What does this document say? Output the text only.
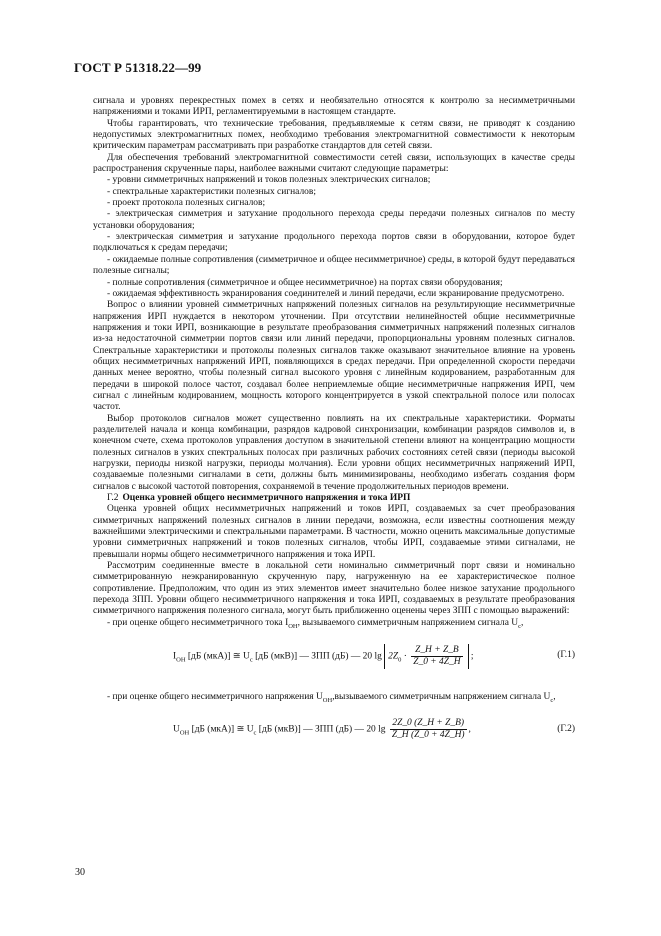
ГОСТ Р 51318.22—99

сигнала и уровнях перекрестных помех в сетях и необязательно относятся к контролю за несимметричными напряжениями и токами ИРП, регламентируемыми в настоящем стандарте.

Чтобы гарантировать, что технические требования, предъявляемые к сетям связи, не приводят к созданию недопустимых электромагнитных помех, необходимо требования электромагнитной совместимости к некоторым критическим параметрам рассматривать при разработке стандартов для сетей связи.

Для обеспечения требований электромагнитной совместимости сетей связи, использующих в качестве среды распространения скрученные пары, наиболее важными считают следующие параметры:

- уровни симметричных напряжений и токов полезных электрических сигналов;

- спектральные характеристики полезных сигналов;

- проект протокола полезных сигналов;

- электрическая симметрия и затухание продольного перехода среды передачи полезных сигналов по месту установки оборудования;

- электрическая симметрия и затухание продольного перехода портов связи в оборудовании, которое будет подключаться к средам передачи;

- ожидаемые полные сопротивления (симметричное и общее несимметричное) среды, в которой будут передаваться полезные сигналы;

- полные сопротивления (симметричное и общее несимметричное) на портах связи оборудования;

- ожидаемая эффективность экранирования соединителей и линий передачи, если экранирование предусмотрено.

Вопрос о влиянии уровней симметричных напряжений полезных сигналов на результирующие несимметричные напряжения ИРП нуждается в некотором уточнении. При отсутствии нелинейностей общие несимметричные напряжения и токи ИРП, возникающие в результате преобразования симметричных напряжений полезных сигналов из-за недостаточной симметрии портов связи или линий передачи, пропорциональны уровням полезных сигналов. Спектральные характеристики и протоколы полезных сигналов также оказывают значительное влияние на уровень общих несимметричных напряжений ИРП, появляющихся в средах передачи. При определенной скорости передачи данных менее вероятно, чтобы полезный сигнал высокого уровня с линейным кодированием, разработанным для передачи в широкой полосе частот, создавал более неприемлемые общие несимметричные напряжения ИРП, чем сигнал с линейным кодированием, мощность которого концентрируется в узкой спектральной полосе или полосах частот.

Выбор протоколов сигналов может существенно повлиять на их спектральные характеристики. Форматы разделителей начала и конца комбинации, разрядов кадровой синхронизации, комбинации разрядов символов и, в конечном счете, схема протоколов управления доступом в значительной степени влияют на концентрацию мощности полезных сигналов в узких спектральных полосах при различных рабочих состояниях сетей связи (периоды высокой нагрузки, периоды низкой нагрузки, периоды молчания). Если уровни общих несимметричных напряжений ИРП, создаваемые полезными сигналами в сети, должны быть минимизированы, необходимо избегать создания форм сигналов с высокой частотой повторения, сохраняемой в течение продолжительных периодов времени.

Г.2 Оценка уровней общего несимметричного напряжения и тока ИРП

Оценка уровней общих несимметричных напряжений и токов ИРП, создаваемых за счет преобразования симметричных напряжений полезных сигналов в линии передачи, возможна, если известны соотношения между важнейшими электрическими и спектральными параметрами. В частности, можно оценить максимальные допустимые уровни симметричных напряжений и токов полезных сигналов, чтобы ИРП, создаваемые этими сигналами, не превышали нормы общего несимметричного напряжения и тока ИРП.

Рассмотрим соединенные вместе в локальной сети номинально симметричный порт связи и номинально симметрированную неэкранированную скрученную пару, нагруженную на ее характеристическое полное сопротивление. Предположим, что один из этих элементов имеет значительно более низкое затухание продольного перехода ЗПП. Уровни общего несимметричного напряжения и тока ИРП, создаваемых в результате преобразования симметричного напряжения полезного сигнала, могут быть приближенно оценены через ЗПП с помощью выражений:

- при оценке общего несимметричного тока $I_{ОН}$, вызываемого симметричным напряжением сигнала $U_c$,

$I_{ОН}$ [дБ (мкА)] ≅ $U_c$ [дБ (мкВ)] — ЗПП (дБ) — 20 $\lg 2Z_0 \cdot \frac{Z\_Н + Z\_В}{Z\_0 + 4Z\_Н}$ ;	(Г.1)

- при оценке общего несимметричного напряжения $U_{ОН},вызываемого$ симметричным напряжением сигнала $U_c$,

$U_{ОН}$ [дБ (мкА)] ≅ $U_c$ [дБ (мкВ)] — ЗПП (дБ) — 20 $\lg \frac{2Z\_0 (Z\_Н + Z\_В)}{Z\_Н (Z\_0 + 4Z\_Н)}$ ,	(Г.2)
30
